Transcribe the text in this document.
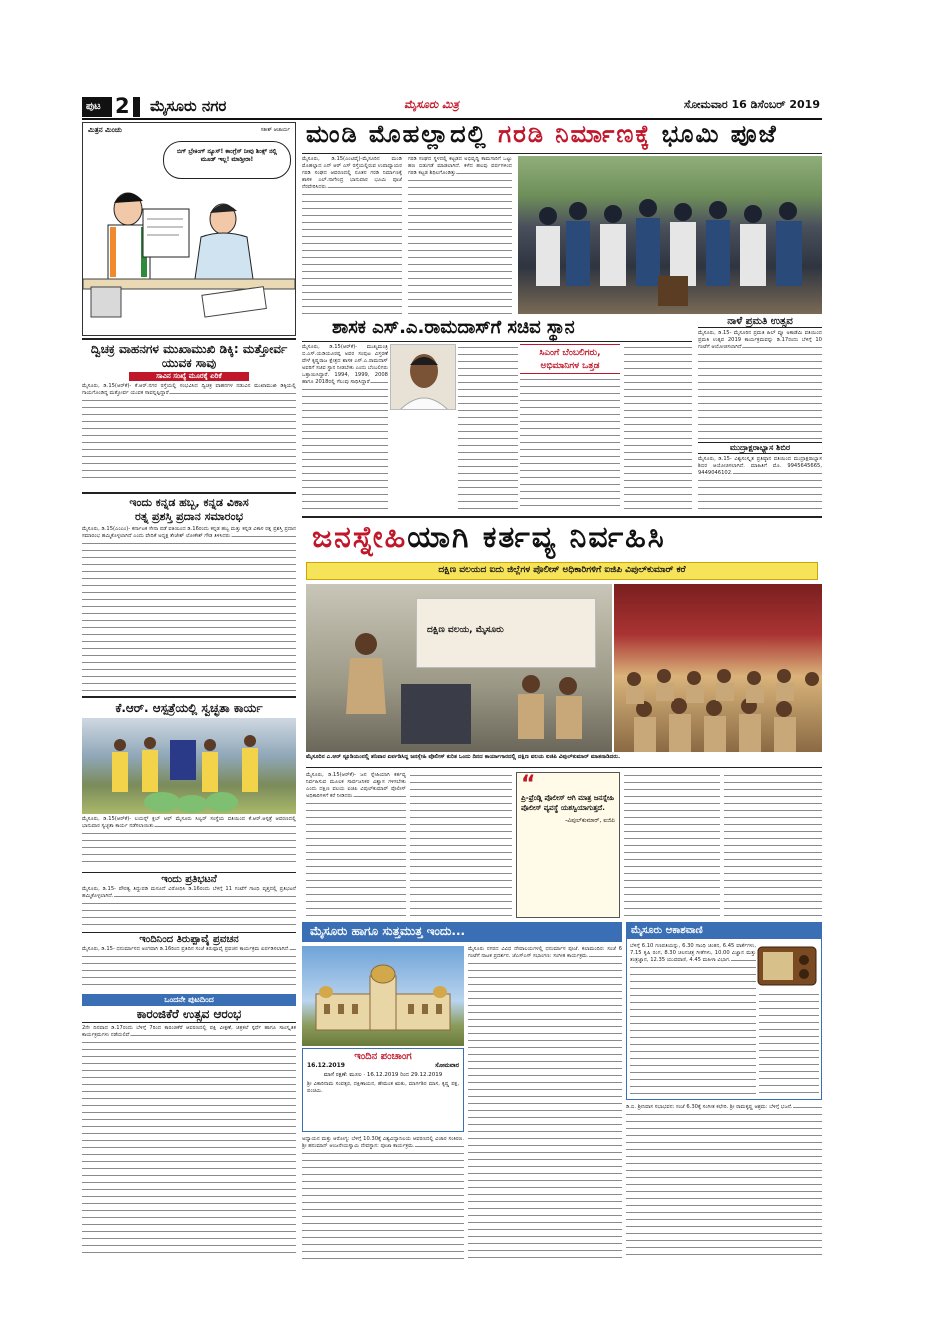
ಪುಟ 2 ಮೈಸೂರು ನಗರ	ಮೈಸೂರು ಮಿತ್ರ	ಸೋಮವಾರ 16 ಡಿಸೆಂಬರ್ 2019
ಮಿತ್ರನ ಮಿಂಚು	ಸತೀಶ್ ಆಚಾರ್ಯ
ಬಿಗ್ ಬ್ರೇಕಿಂಗ್ ನ್ಯೂಸ್! ಕಾಂಗ್ರೆಸ್ ನೀವು ಶಿಂಕ್ಸ್ ನಲ್ಲಿ ಮೂಡ್ ಇಲ್ಲ! ಮಾಡ್ತೀರಾ!
ಮಂಡಿ ಮೊಹಲ್ಲಾದಲ್ಲಿ ಗರಡಿ ನಿರ್ಮಾಣಕ್ಕೆ ಭೂಮಿ ಪೂಜೆ
ಮೈಸೂರು, ಡಿ.15(ಎಂಟಿವೈ)-ಮೈಸೂರಿನ ಮಂಡಿ ಮೊಹಲ್ಲಾದ ಎನ್ ಆರ್ ಎಸ್ ರಸ್ತೆಯಲ್ಲಿರುವ ಉಪಾಧ್ಯಾಯರ ಗರಡಿ ಸಂಘದ ಆವರಣದಲ್ಲಿ ನೂತನ ಗರಡಿ ನಿರ್ಮಾಣಕ್ಕೆ ಶಾಸಕ ಎಲ್.ನಾಗೇಂದ್ರ ಭಾನುವಾರ ಭೂಮಿ ಪೂಜೆ ನೆರವೇರಿಸಿದರು.
ಗರಡಿ ಸಂಘದ ಸ್ಥಳದಲ್ಲಿ ಕಟ್ಟಡದ ಅಭಿವೃದ್ಧಿ ಕಾಮಗಾರಿಗೆ ಒಟ್ಟು ಹಣ ಬಿಡುಗಡೆ ಮಾಡಲಾಗಿದೆ. ಕಳೆದ ಹಲವು ವರ್ಷಗಳಿಂದ ಗರಡಿ ಕಟ್ಟಡ ಶಿಥಿಲಗೊಂಡಿತ್ತು.
ದ್ವಿಚಕ್ರ ವಾಹನಗಳ ಮುಖಾಮುಖಿ ಡಿಕ್ಕಿ: ಮತ್ತೋರ್ವ ಯುವಕ ಸಾವು
ಸಾವಿನ ಸಂಖ್ಯೆ ಮೂರಕ್ಕೆ ಏರಿಕೆ
ಮೈಸೂರು, ಡಿ.15(ಆರ್‌ಕೆ)- ಕೆ.ಆರ್.ನಗರ ರಸ್ತೆಯಲ್ಲಿ ಸಂಭವಿಸಿದ ದ್ವಿಚಕ್ರ ವಾಹನಗಳ ನಡುವಿನ ಮುಖಾಮುಖಿ ಡಿಕ್ಕಿಯಲ್ಲಿ ಗಾಯಗೊಂಡಿದ್ದ ಮತ್ತೋರ್ವ ಯುವಕ ಸಾವನ್ನಪ್ಪಿದ್ದಾರೆ.
ಶಾಸಕ ಎಸ್.ಎ.ರಾಮದಾಸ್‌ಗೆ ಸಚಿವ ಸ್ಥಾನ
ಮೈಸೂರು, ಡಿ.15(ಆರ್‌ಕೆ)- ಮುಖ್ಯಮಂತ್ರಿ ಬಿ.ಎಸ್.ಯಡಿಯೂರಪ್ಪ ಅವರ ಸಂಪುಟ ವಿಸ್ತರಣೆ ವೇಳೆ ಕೃಷ್ಣರಾಜ ಕ್ಷೇತ್ರದ ಶಾಸಕ ಎಸ್.ಎ.ರಾಮದಾಸ್ ಅವರಿಗೆ ಸಚಿವ ಸ್ಥಾನ ನೀಡಬೇಕು ಎಂದು ಬೆಂಬಲಿಗರು ಒತ್ತಾಯಿಸಿದ್ದಾರೆ. 1994, 1999, 2008 ಹಾಗೂ 2018ರಲ್ಲಿ ಗೆಲುವು ಸಾಧಿಸಿದ್ದಾರೆ.
ಸಿಎಂಗೆ ಬೆಂಬಲಿಗರು,
ಅಭಿಮಾನಿಗಳ ಒತ್ತಡ
ನಾಳೆ ಪ್ರಮತಿ ಉತ್ಸವ
ಮೈಸೂರು, ಡಿ.15- ಮೈಸೂರಿನ ಪ್ರಮತಿ ಹಿಲ್ ವ್ಯೂ ಅಕಾಡೆಮಿ ವತಿಯಿಂದ ಪ್ರಮತಿ ಉತ್ಸವ 2019 ಕಾರ್ಯಕ್ರಮವನ್ನು ಡಿ.17ರಂದು ಬೆಳಿಗ್ಗೆ 10 ಗಂಟೆಗೆ ಆಯೋಜಿಸಲಾಗಿದೆ.
ಮುದ್ರಾಕ್ಷರಾಭ್ಯಾಸ ಶಿಬಿರ
ಮೈಸೂರು, ಡಿ.15- ವಿಶ್ವಸಂಸ್ಕೃತ ಪ್ರತಿಷ್ಠಾನ ವತಿಯಿಂದ ಮುದ್ರಾಕ್ಷರಾಭ್ಯಾಸ ಶಿಬಿರ ಆಯೋಜಿಸಲಾಗಿದೆ. ಮಾಹಿತಿಗೆ ಮೊ. 9945645665, 9449046102.
ಇಂದು ಕನ್ನಡ ಹಬ್ಬ, ಕನ್ನಡ ವಿಕಾಸ
ರತ್ನ ಪ್ರಶಸ್ತಿ ಪ್ರದಾನ ಸಮಾರಂಭ
ಮೈಸೂರು, ಡಿ.15(ಎಂಎಂ)- ಕರ್ನಾಟಕ ಸೇನಾ ಪಡೆ ವತಿಯಿಂದ ಡಿ.16ರಂದು ಕನ್ನಡ ಹಬ್ಬ ಮತ್ತು ಕನ್ನಡ ವಿಕಾಸ ರತ್ನ ಪ್ರಶಸ್ತಿ ಪ್ರದಾನ ಸಮಾರಂಭ ಹಮ್ಮಿಕೊಳ್ಳಲಾಗಿದೆ ಎಂದು ವೇದಿಕೆ ಅಧ್ಯಕ್ಷ ತೇಜೇಶ್ ಲೋಕೇಶ್ ಗೌಡ ತಿಳಿಸಿದರು.	ಜನಸ್ನೇಹಿಯಾಗಿ ಕರ್ತವ್ಯ ನಿರ್ವಹಿಸಿ
ದಕ್ಷಿಣ ವಲಯದ ಐದು ಜಿಲ್ಲೆಗಳ ಪೊಲೀಸ್ ಅಧಿಕಾರಿಗಳಿಗೆ ಐಜಿಪಿ ವಿಪುಲ್‌ಕುಮಾರ್ ಕರೆ
ದಕ್ಷಿಣ ವಲಯ, ಮೈಸೂರು
ಮೈಸೂರಿನ ಎ.ಆರ್ ಸ್ಟೂಡಿಯಂನಲ್ಲಿ ಶನಿವಾರ ಏರ್ಪಡಿಸಿದ್ದ ಜನಸ್ನೇಹಿ ಪೊಲೀಸ್ ಕುರಿತ ಒಂದು ದಿನದ ಕಾರ್ಯಾಗಾರದಲ್ಲಿ ದಕ್ಷಿಣ ವಲಯ ಐಜಿಪಿ ವಿಪುಲ್‌ಕುಮಾರ್ ಮಾತನಾಡಿದರು.
ಮೈಸೂರು, ಡಿ.15(ಆರ್‌ಕೆ)- ಜನ ಸ್ನೇಹಿಯಾಗಿ ಕರ್ತವ್ಯ ನಿರ್ವಹಿಸುವ ಮೂಲಕ ಸಾರ್ವಜನಿಕರ ವಿಶ್ವಾಸ ಗಳಿಸಬೇಕು ಎಂದು ದಕ್ಷಿಣ ವಲಯ ಐಜಿಪಿ ವಿಪುಲ್‌ಕುಮಾರ್ ಪೊಲೀಸ್ ಅಧಿಕಾರಿಗಳಿಗೆ ಕರೆ ನೀಡಿದರು.	“
ಪ್ರಿ-ಫ್ರೆಂಡ್ಲಿ ಪೊಲೀಸ್ ಆಗಿ ಮಾತ್ರ ಜನಸ್ನೇಹಿ ಪೊಲೀಸ್ ವ್ಯವಸ್ಥೆ ಯಶಸ್ವಿಯಾಗುತ್ತದೆ.
-ವಿಪುಲ್‌ಕುಮಾರ್, ಐಜಿಪಿ
ಕೆ.ಆರ್. ಆಸ್ಪತ್ರೆಯಲ್ಲಿ ಸ್ವಚ್ಛತಾ ಕಾರ್ಯ
ಮೈಸೂರು, ಡಿ.15(ಆರ್‌ಕೆ)- ಲಯನ್ಸ್ ಕ್ಲಬ್ ಆಫ್ ಮೈಸೂರು ಸಿಲ್ವರ್ ಸಂಸ್ಥೆಯ ವತಿಯಿಂದ ಕೆ.ಆರ್.ಆಸ್ಪತ್ರೆ ಆವರಣದಲ್ಲಿ ಭಾನುವಾರ ಸ್ವಚ್ಛತಾ ಕಾರ್ಯ ನಡೆಸಲಾಯಿತು.
ಇಂದು ಪ್ರತಿಭಟನೆ
ಮೈಸೂರು, ಡಿ.15- ಪೌರತ್ವ ತಿದ್ದುಪಡಿ ಮಸೂದೆ ವಿರೋಧಿಸಿ ಡಿ.16ರಂದು ಬೆಳಿಗ್ಗೆ 11 ಗಂಟೆಗೆ ಗಾಂಧಿ ವೃತ್ತದಲ್ಲಿ ಪ್ರತಿಭಟನೆ ಹಮ್ಮಿಕೊಳ್ಳಲಾಗಿದೆ.
ಇಂದಿನಿಂದ ತಿರುಪ್ಪಾವೈ ಪ್ರವಚನ
ಮೈಸೂರು, ಡಿ.15- ಧನುರ್ಮಾಸದ ಅಂಗವಾಗಿ ಡಿ.16ರಿಂದ ಪ್ರತಿದಿನ ಸಂಜೆ ತಿರುಪ್ಪಾವೈ ಪ್ರವಚನ ಕಾರ್ಯಕ್ರಮ ಏರ್ಪಡಿಸಲಾಗಿದೆ.
ಒಂದನೇ ಪುಟದಿಂದ
ಕಾರಂಜಿಕೆರೆ ಉತ್ಸವ ಆರಂಭ
2ನೇ ದಿನವಾದ ಡಿ.17ರಂದು ಬೆಳಿಗ್ಗೆ 7ರಿಂದ ಕಾರಂಜಿಕೆರೆ ಆವರಣದಲ್ಲಿ ಪಕ್ಷಿ ವೀಕ್ಷಣೆ, ಚಿತ್ರಕಲೆ ಸ್ಪರ್ಧೆ ಹಾಗೂ ಸಾಂಸ್ಕೃತಿಕ ಕಾರ್ಯಕ್ರಮಗಳು ನಡೆಯಲಿವೆ.
ಮೈಸೂರು ಹಾಗೂ ಸುತ್ತಮುತ್ತ ಇಂದು...
ಇಂದಿನ ಪಂಚಾಂಗ
16.12.2019	ಸೋಮವಾರ
ಮಾಸೆ ರಕ್ಷಣೆ: ಮೂಲ · 16.12.2019 ರಿಂದ 29.12.2019
ಶ್ರೀ ವಿಕಾರಿನಾಮ ಸಂವತ್ಸರ, ದಕ್ಷಿಣಾಯನ, ಹೇಮಂತ ಋತು, ಮಾರ್ಗಶಿರ ಮಾಸ, ಕೃಷ್ಣ ಪಕ್ಷ, ಪಂಚಮಿ.
ಅಧ್ಯಾಯನ ಮತ್ತು ಆರೋಗ್ಯ: ಬೆಳಿಗ್ಗೆ 10.30ಕ್ಕೆ ವಿಶ್ವವಿದ್ಯಾನಿಲಯ ಆವರಣದಲ್ಲಿ ವಿಚಾರ ಸಂಕಿರಣ. ಶ್ರೀ ಹನುಮಾನ್ ಆಂಜನೇಯಸ್ವಾಮಿ ದೇವಸ್ಥಾನ: ಪೂಜಾ ಕಾರ್ಯಕ್ರಮ.
ಮೈಸೂರು ನಗರದ ವಿವಿಧ ದೇವಾಲಯಗಳಲ್ಲಿ ಧನುರ್ಮಾಸ ಪೂಜೆ. ಕಲಾಮಂದಿರ: ಸಂಜೆ 6 ಗಂಟೆಗೆ ನಾಟಕ ಪ್ರದರ್ಶನ. ಜೆಎಸ್‌ಎಸ್ ಸಭಾಂಗಣ: ಸಂಗೀತ ಕಾರ್ಯಕ್ರಮ.
ಮೈಸೂರು ಆಕಾಶವಾಣಿ
ಬೆಳಿಗ್ಗೆ 6.10 ಗಣಪತಿಯನ್ನು, 6.30 ಗಾಂಧಿ ಚಿಂತನ, 6.45 ವಾರ್ತೆಗಳು, 7.15 ಕೃಷಿ ರಂಗ, 8.30 ಚಲನಚಿತ್ರ ಗೀತೆಗಳು, 10.00 ವಿಜ್ಞಾನ ಮತ್ತು ತಂತ್ರಜ್ಞಾನ, 12.35 ಯುವವಾಣಿ, 4.45 ಮಹಿಳಾ ವಿಭಾಗ.
ಡಿ.ಬಿ. ಶ್ರೀನಿವಾಸ ಸಭಾಭವನ: ಸಂಜೆ 6.30ಕ್ಕೆ ಸಂಗೀತ ಕಛೇರಿ. ಶ್ರೀ ರಾಮಕೃಷ್ಣ ಆಶ್ರಮ: ಬೆಳಿಗ್ಗೆ ಭಜನೆ.
